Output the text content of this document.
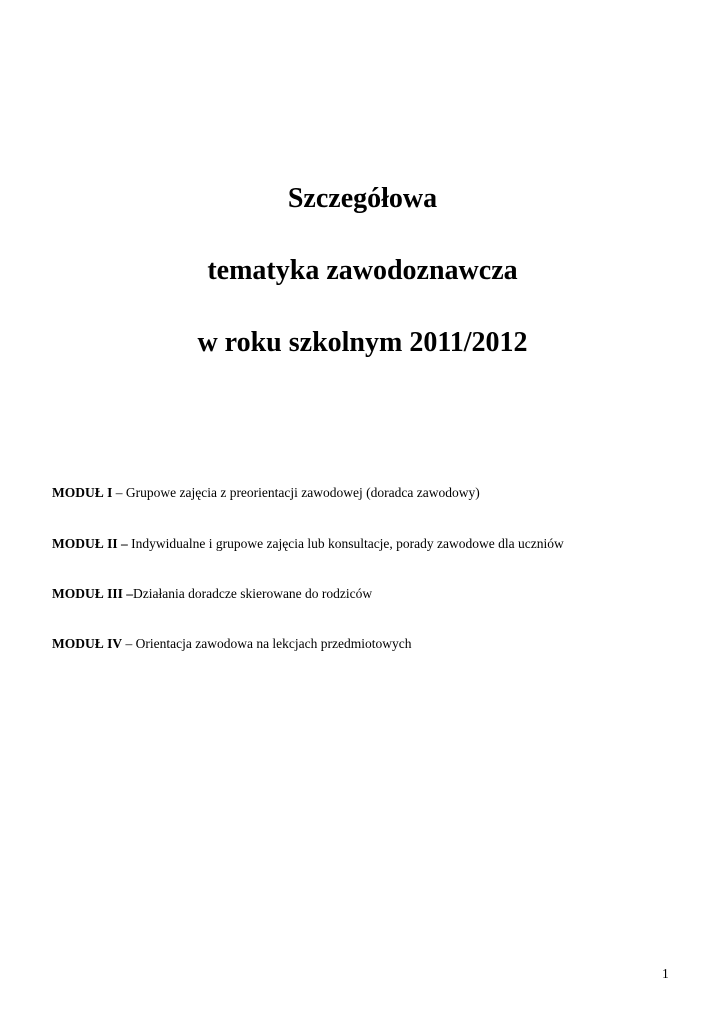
Szczegółowa
tematyka zawodoznawcza
w roku szkolnym 2011/2012

MODUŁ I – Grupowe zajęcia z preorientacji zawodowej (doradca zawodowy)

MODUŁ II – Indywidualne i grupowe zajęcia lub konsultacje, porady zawodowe dla uczniów

MODUŁ III –Działania doradcze skierowane do rodziców

MODUŁ IV – Orientacja zawodowa na lekcjach przedmiotowych

1
